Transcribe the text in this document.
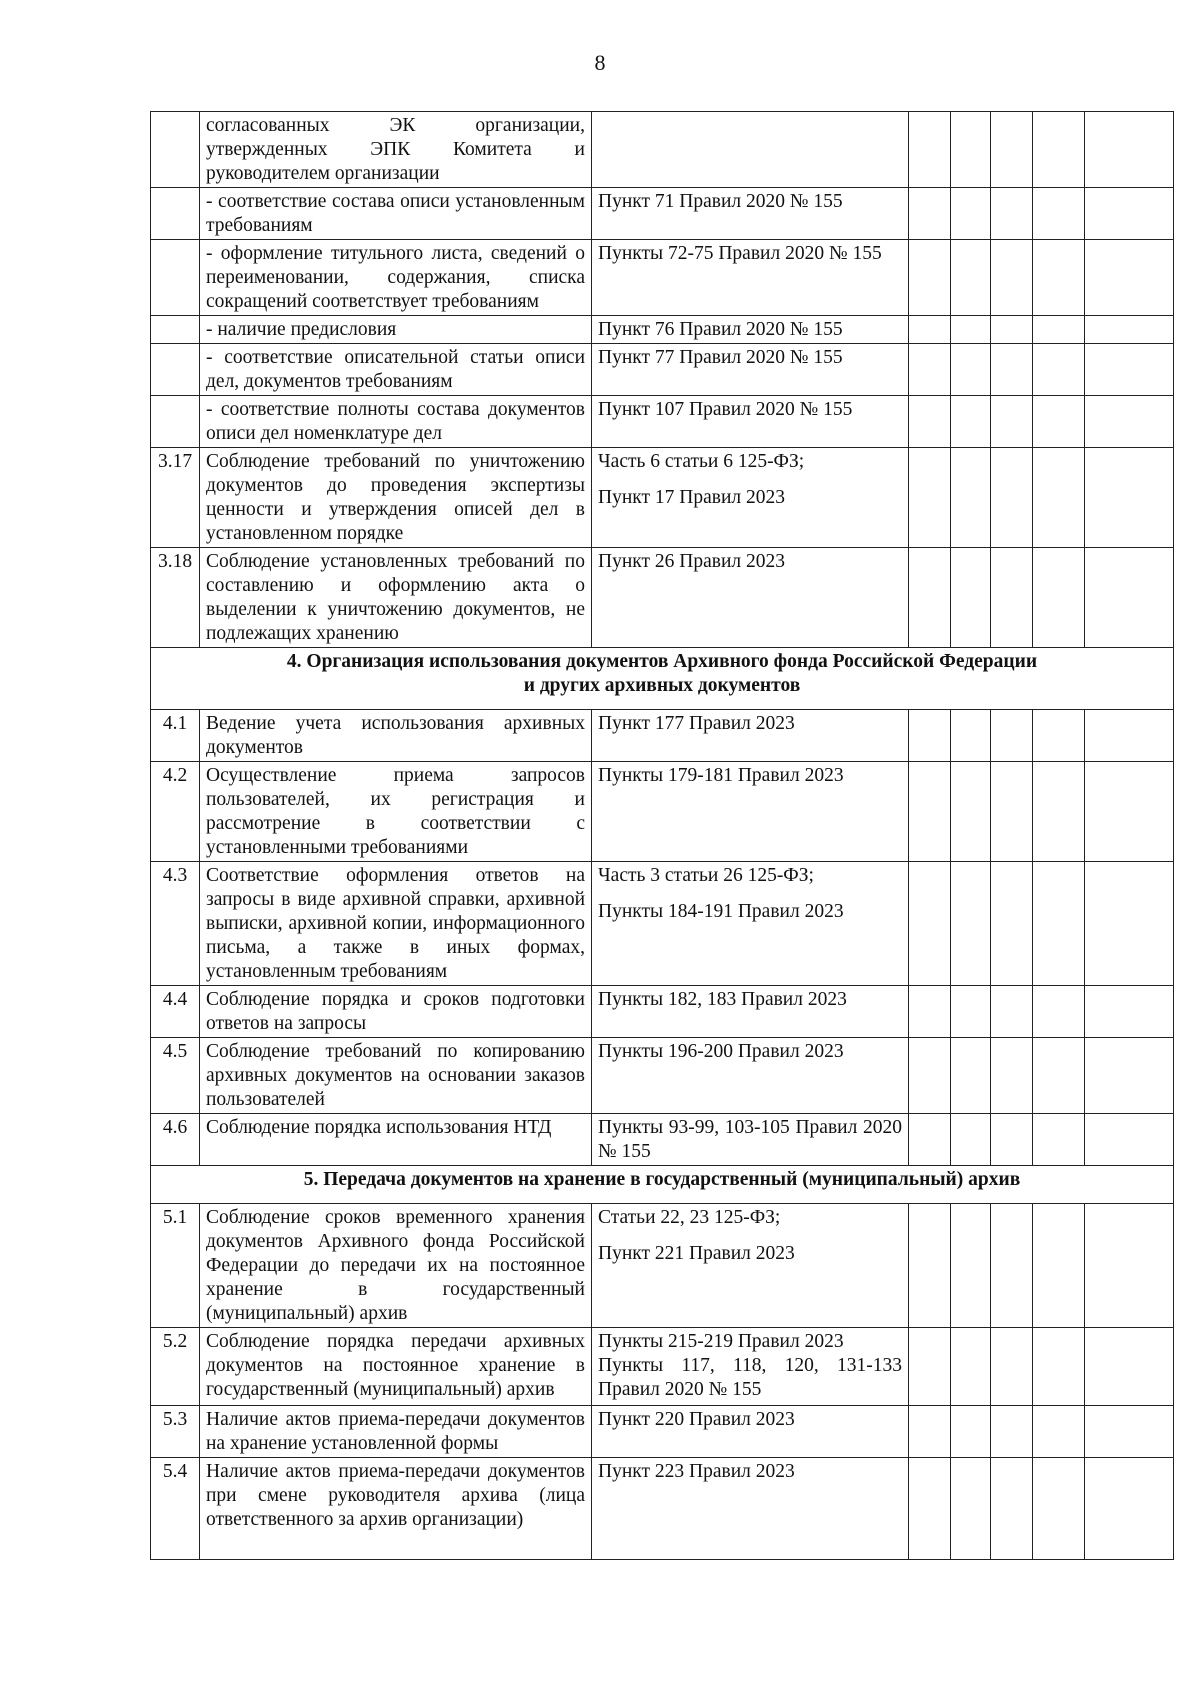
8
	согласованных ЭК организации, утвержденных ЭПК Комитета и руководителем организации						
	- соответствие состава описи установленным требованиям	Пункт 71 Правил 2020 № 155					

	- оформление титульного листа, сведений о переименовании, содержания, списка сокращений соответствует требованиям	Пункты 72-75 Правил 2020 № 155					

	- наличие предисловия	Пункт 76 Правил 2020 № 155					

	- соответствие описательной статьи описи дел, документов требованиям	Пункт 77 Правил 2020 № 155					

	- соответствие полноты состава документов описи дел номенклатуре дел	Пункт 107 Правил 2020 № 155					

3.17	Соблюдение требований по уничтожению документов до проведения экспертизы ценности и утверждения описей дел в установленном порядке	Часть 6 статьи 6 125-ФЗ;
Пункт 17 Правил 2023					

3.18	Соблюдение установленных требований по составлению и оформлению акта о выделении к уничтожению документов, не подлежащих хранению	Пункт 26 Правил 2023					

4. Организация использования документов Архивного фонда Российской Федерации
и других архивных документов							

4.1	Ведение учета использования архивных документов	Пункт 177 Правил 2023					

4.2	Осуществление приема запросов пользователей, их регистрация и рассмотрение в соответствии с установленными требованиями	Пункты 179-181 Правил 2023					

4.3	Соответствие оформления ответов на запросы в виде архивной справки, архивной выписки, архивной копии, информационного письма, а также в иных формах, установленным требованиям	Часть 3 статьи 26 125-ФЗ;
Пункты 184-191 Правил 2023					

4.4	Соблюдение порядка и сроков подготовки ответов на запросы	Пункты 182, 183 Правил 2023					

4.5	Соблюдение требований по копированию архивных документов на основании заказов пользователей	Пункты 196-200 Правил 2023					

4.6	Соблюдение порядка использования НТД	Пункты 93-99, 103-105 Правил 2020 № 155					

5. Передача документов на хранение в государственный (муниципальный) архив							

5.1	Соблюдение сроков временного хранения документов Архивного фонда Российской Федерации до передачи их на постоянное хранение в государственный (муниципальный) архив	Статьи 22, 23 125-ФЗ;
Пункт 221 Правил 2023					

5.2	Соблюдение порядка передачи архивных документов на постоянное хранение в государственный (муниципальный) архив	Пункты 215-219 Правил 2023
Пункты 117, 118, 120, 131-133 Правил 2020 № 155					

5.3	Наличие актов приема-передачи документов на хранение установленной формы	Пункт 220 Правил 2023					

5.4	Наличие актов приема-передачи документов при смене руководителя архива (лица ответственного за архив организации)	Пункт 223 Правил 2023					
